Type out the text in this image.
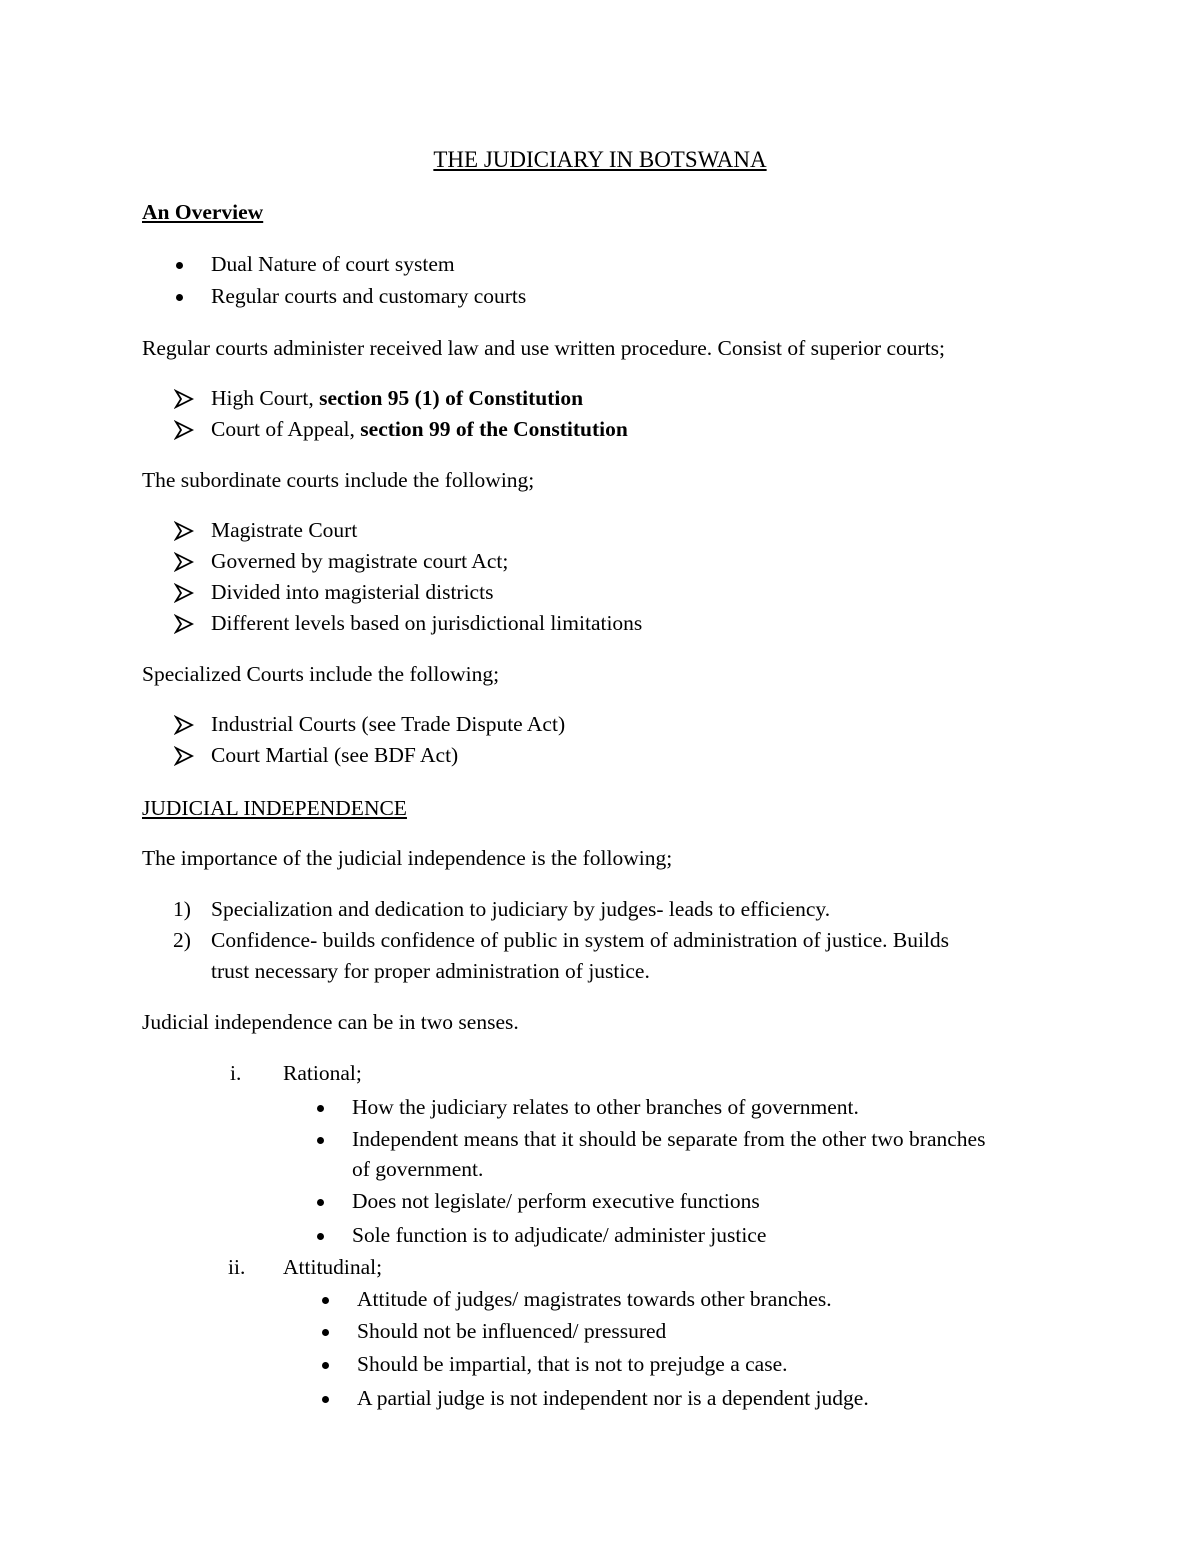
THE JUDICIARY IN BOTSWANA
An Overview
Dual Nature of court system
Regular courts and customary courts
Regular courts administer received law and use written procedure. Consist of superior courts;
High Court, section 95 (1) of Constitution
Court of Appeal, section 99 of the Constitution
The subordinate courts include the following;
Magistrate Court
Governed by magistrate court Act;
Divided into magisterial districts
Different levels based on jurisdictional limitations
Specialized Courts include the following;
Industrial Courts (see Trade Dispute Act)
Court Martial (see BDF Act)
JUDICIAL INDEPENDENCE
The importance of the judicial independence is the following;
1) Specialization and dedication to judiciary by judges- leads to efficiency.
2) Confidence- builds confidence of public in system of administration of justice. Builds
trust necessary for proper administration of justice.
Judicial independence can be in two senses.
i. Rational;
How the judiciary relates to other branches of government.
Independent means that it should be separate from the other two branches
of government.
Does not legislate/ perform executive functions
Sole function is to adjudicate/ administer justice
ii. Attitudinal;
Attitude of judges/ magistrates towards other branches.
Should not be influenced/ pressured
Should be impartial, that is not to prejudge a case.
A partial judge is not independent nor is a dependent judge.
